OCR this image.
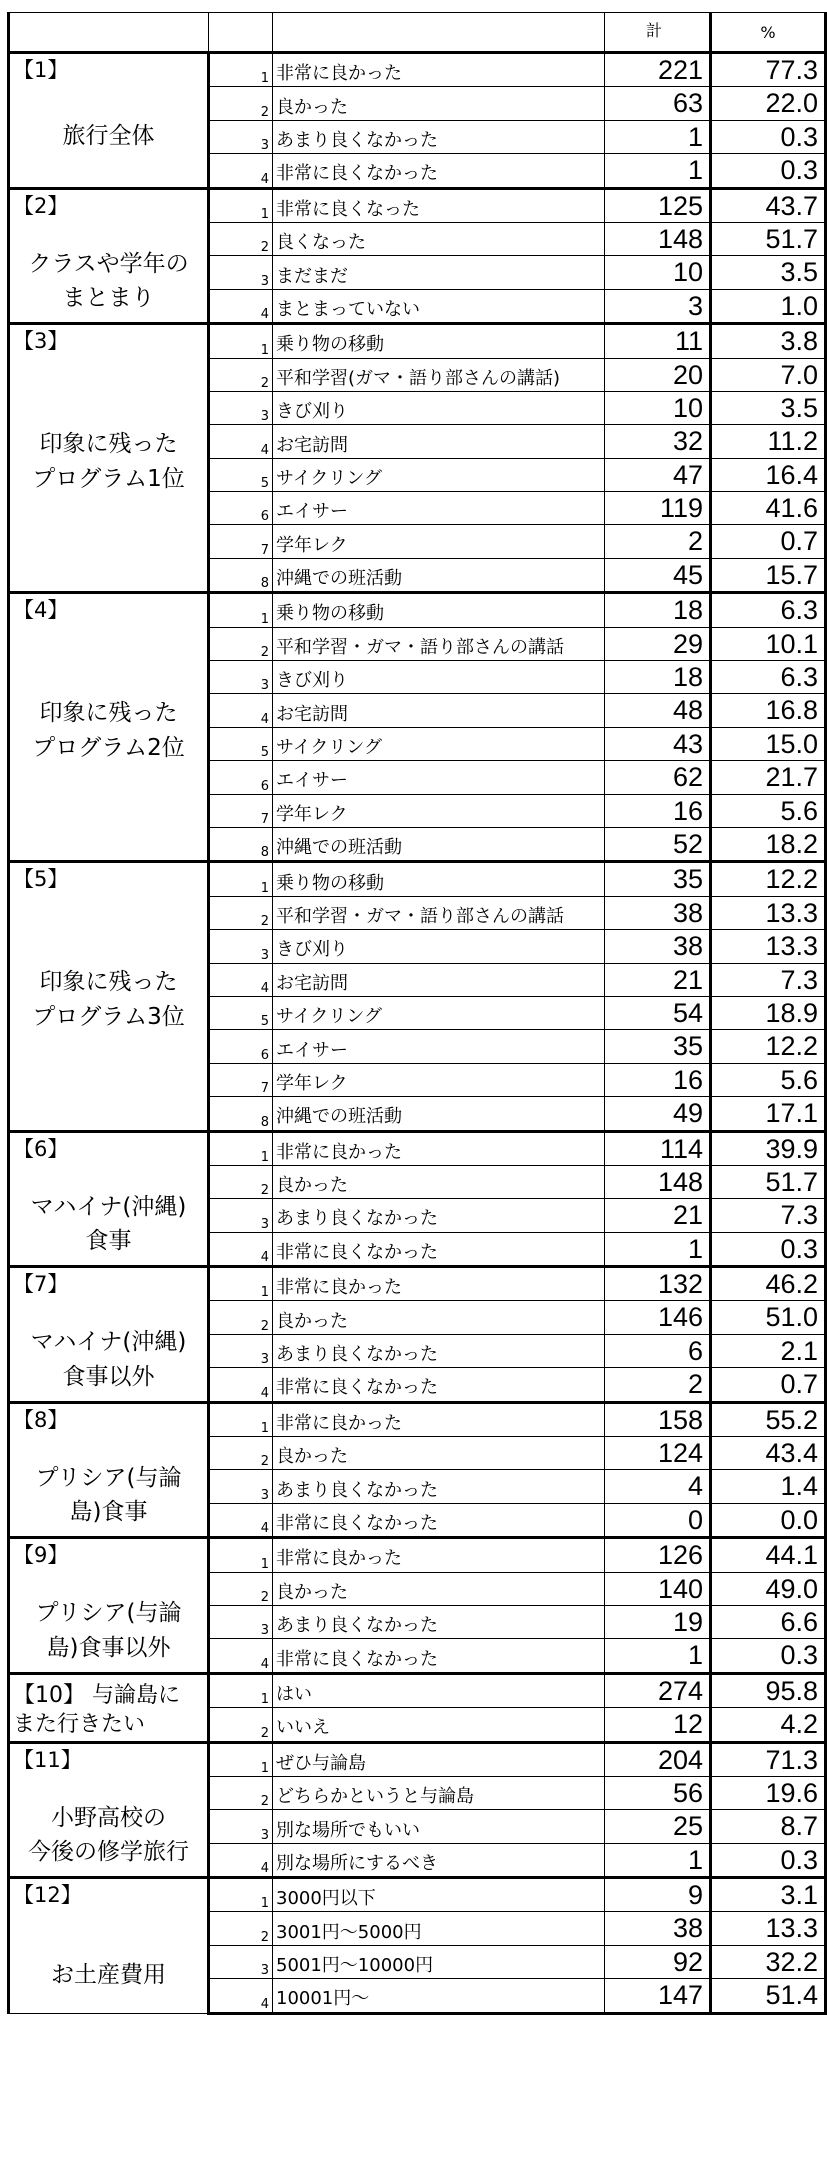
			計	%

【1】
旅行全体	1	非常に良かった	221	77.3
	2	良かった	63	22.0
	3	あまり良くなかった	1	0.3
	4	非常に良くなかった	1	0.3

【2】
クラスや学年の
まとまり	1	非常に良くなった	125	43.7
	2	良くなった	148	51.7
	3	まだまだ	10	3.5
	4	まとまっていない	3	1.0

【3】
印象に残った
プログラム1位	1	乗り物の移動	11	3.8
	2	平和学習(ガマ・語り部さんの講話)	20	7.0
	3	きび刈り	10	3.5
	4	お宅訪問	32	11.2
	5	サイクリング	47	16.4
	6	エイサー	119	41.6
	7	学年レク	2	0.7
	8	沖縄での班活動	45	15.7

【4】
印象に残った
プログラム2位	1	乗り物の移動	18	6.3
	2	平和学習・ガマ・語り部さんの講話	29	10.1
	3	きび刈り	18	6.3
	4	お宅訪問	48	16.8
	5	サイクリング	43	15.0
	6	エイサー	62	21.7
	7	学年レク	16	5.6
	8	沖縄での班活動	52	18.2

【5】
印象に残った
プログラム3位	1	乗り物の移動	35	12.2
	2	平和学習・ガマ・語り部さんの講話	38	13.3
	3	きび刈り	38	13.3
	4	お宅訪問	21	7.3
	5	サイクリング	54	18.9
	6	エイサー	35	12.2
	7	学年レク	16	5.6
	8	沖縄での班活動	49	17.1

【6】
マハイナ(沖縄)
食事	1	非常に良かった	114	39.9
	2	良かった	148	51.7
	3	あまり良くなかった	21	7.3
	4	非常に良くなかった	1	0.3

【7】
マハイナ(沖縄)
食事以外	1	非常に良かった	132	46.2
	2	良かった	146	51.0
	3	あまり良くなかった	6	2.1
	4	非常に良くなかった	2	0.7

【8】
プリシア(与論
島)食事	1	非常に良かった	158	55.2
	2	良かった	124	43.4
	3	あまり良くなかった	4	1.4
	4	非常に良くなかった	0	0.0

【9】
プリシア(与論
島)食事以外	1	非常に良かった	126	44.1
	2	良かった	140	49.0
	3	あまり良くなかった	19	6.6
	4	非常に良くなかった	1	0.3

【10】 与論島に
また行きたい	1	はい	274	95.8
	2	いいえ	12	4.2

【11】
小野高校の
今後の修学旅行	1	ぜひ与論島	204	71.3
	2	どちらかというと与論島	56	19.6
	3	別な場所でもいい	25	8.7
	4	別な場所にするべき	1	0.3

【12】
お土産費用	1	3000円以下	9	3.1
	2	3001円～5000円	38	13.3
	3	5001円～10000円	92	32.2
	4	10001円～	147	51.4
